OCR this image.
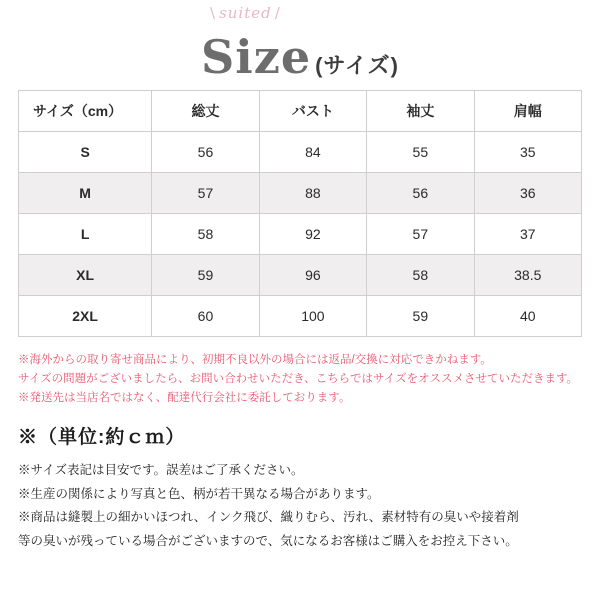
\ suited /
Size (サイズ)
サイズ（cm）	総丈	バスト	袖丈	肩幅
S	56	84	55	35
M	57	88	56	36
L	58	92	57	37
XL	59	96	58	38.5
2XL	60	100	59	40
※海外からの取り寄せ商品により、初期不良以外の場合には返品/交換に対応できかねます。
サイズの問題がございましたら、お問い合わせいただき、こちらではサイズをオススメさせていただきます。
※発送先は当店名ではなく、配達代行会社に委託しております。
※（単位:約ｃｍ）
※サイズ表記は目安です。誤差はご了承ください。
※生産の関係により写真と色、柄が若干異なる場合があります。
※商品は縫製上の細かいほつれ、インク飛び、織りむら、汚れ、素材特有の臭いや接着剤
等の臭いが残っている場合がございますので、気になるお客様はご購入をお控え下さい。
